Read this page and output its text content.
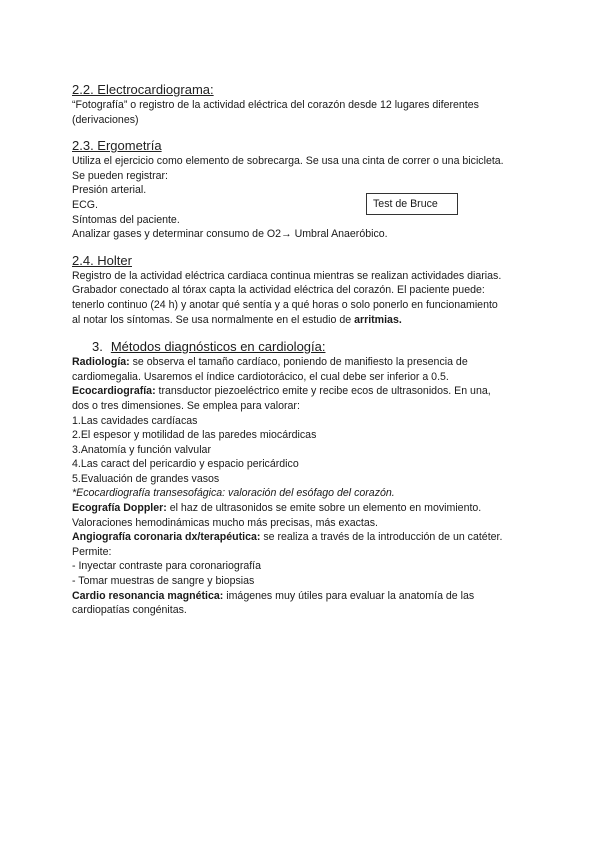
2.2. Electrocardiograma:

“Fotografía” o registro de la actividad eléctrica del corazón desde 12 lugares diferentes

(derivaciones)

2.3. Ergometría

Utiliza el ejercicio como elemento de sobrecarga. Se usa una cinta de correr o una bicicleta.

Se pueden registrar:

Presión arterial.

ECG.

Síntomas del paciente.

Analizar gases y determinar consumo de O2→ Umbral Anaeróbico.

Test de Bruce

2.4. Holter

Registro de la actividad eléctrica cardiaca continua mientras se realizan actividades diarias.

Grabador conectado al tórax capta la actividad eléctrica del corazón. El paciente puede:

tenerlo continuo (24 h) y anotar qué sentía y a qué horas o solo ponerlo en funcionamiento

al notar los síntomas. Se usa normalmente en el estudio de arritmias.

3. Métodos diagnósticos en cardiología:

Radiología: se observa el tamaño cardíaco, poniendo de manifiesto la presencia de

cardiomegalia. Usaremos el índice cardiotorácico, el cual debe ser inferior a 0.5.

Ecocardiografía: transductor piezoeléctrico emite y recibe ecos de ultrasonidos. En una,

dos o tres dimensiones. Se emplea para valorar:

1.Las cavidades cardíacas

2.El espesor y motilidad de las paredes miocárdicas

3.Anatomía y función valvular

4.Las caract del pericardio y espacio pericárdico

5.Evaluación de grandes vasos

*Ecocardiografía transesofágica: valoración del esófago del corazón.

Ecografía Doppler: el haz de ultrasonidos se emite sobre un elemento en movimiento.

Valoraciones hemodinámicas mucho más precisas, más exactas.

Angiografía coronaria dx/terapéutica: se realiza a través de la introducción de un catéter.

Permite:

- Inyectar contraste para coronariografía

- Tomar muestras de sangre y biopsias

Cardio resonancia magnética: imágenes muy útiles para evaluar la anatomía de las

cardiopatías congénitas.
